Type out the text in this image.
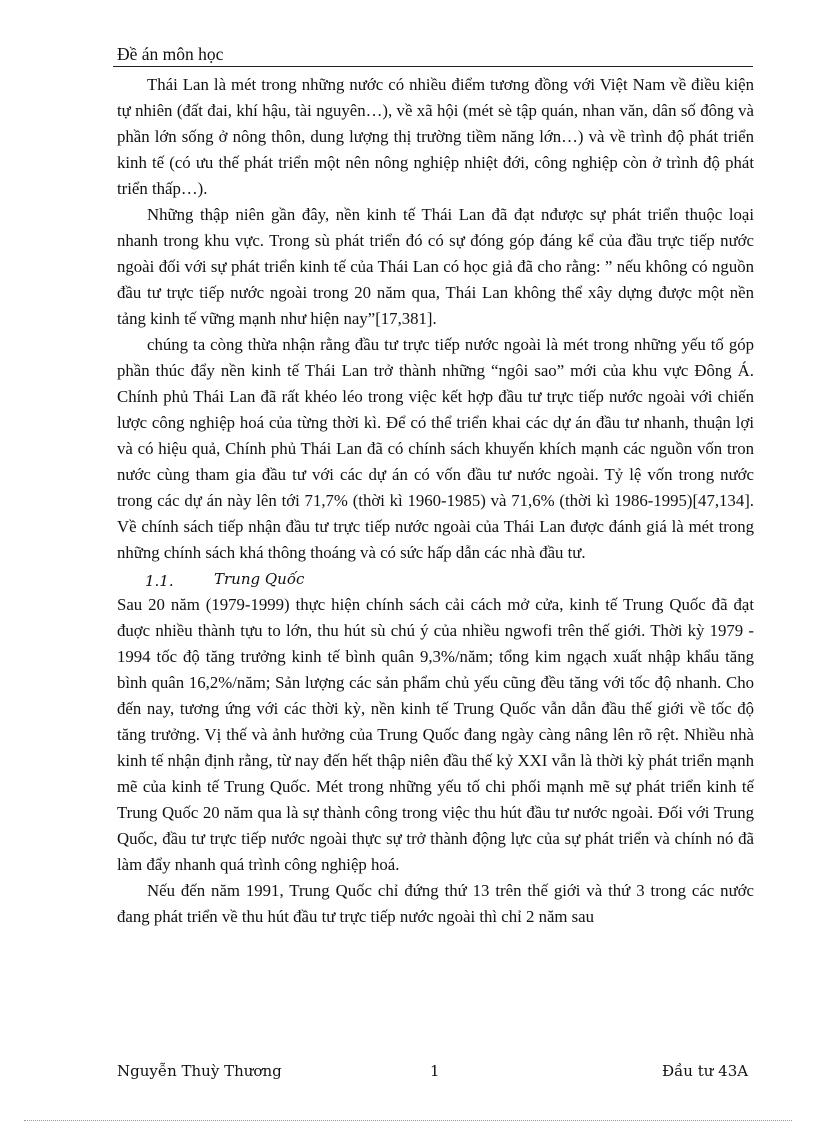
Đề án môn học

Thái Lan là mét trong những nước có nhiều điểm tương đồng với Việt Nam về điều kiện tự nhiên (đất đai, khí hậu, tài nguyên…), về xã hội (mét sè tập quán, nhan văn, dân số đông và phần lớn sống ở nông thôn, dung lượng thị trường tiềm năng lớn…) và về trình độ phát triển kinh tế (có ưu thế phát triển một nên nông nghiệp nhiệt đới, công nghiệp còn ở trình độ phát triển thấp…).

Những thập niên gần đây, nền kinh tế Thái Lan đã đạt nđược sự phát triển thuộc loại nhanh trong khu vực. Trong sù phát triển đó có sự đóng góp đáng kể của đầu trực tiếp nước ngoài đối với sự phát triển kinh tế của Thái Lan có học giả đã cho rằng: ” nếu không có nguồn đầu tư trực tiếp nước ngoài trong 20 năm qua, Thái Lan không thể xây dựng được một nền tảng kinh tế vững mạnh như hiện nay”[17,381].

chúng ta còng thừa nhận rằng đầu tư trực tiếp nước ngoài là mét trong những yếu tố góp phần thúc đẩy nền kinh tế Thái Lan trở thành những “ngôi sao” mới của khu vực Đông Á. Chính phủ Thái Lan đã rất khéo léo trong việc kết hợp đầu tư trực tiếp nước ngoài với chiến lược công nghiệp hoá của từng thời kì. Để có thể triển khai các dự án đầu tư nhanh, thuận lợi và có hiệu quả, Chính phủ Thái Lan đã có chính sách khuyến khích mạnh các nguồn vốn tron nước cùng tham gia đầu tư với các dự án có vốn đầu tư nước ngoài. Tỷ lệ vốn trong nước trong các dự án này lên tới 71,7% (thời kì 1960-1985) và 71,6% (thời kì 1986-1995)[47,134]. Về chính sách tiếp nhận đầu tư trực tiếp nước ngoài của Thái Lan được đánh giá là mét trong những chính sách khá thông thoáng và có sức hấp dẫn các nhà đầu tư.

1.1.	Trung Quốc

Sau 20 năm (1979-1999) thực hiện chính sách cải cách mở cửa, kinh tế Trung Quốc đã đạt đuợc nhiều thành tựu to lớn, thu hút sù chú ý của nhiều ngwofi trên thế giới. Thời kỳ 1979 - 1994 tốc độ tăng trưởng kinh tế bình quân 9,3%/năm; tổng kim ngạch xuất nhập khẩu tăng bình quân 16,2%/năm; Sản lượng các sản phẩm chủ yếu cũng đều tăng với tốc độ nhanh. Cho đến nay, tương ứng với các thời kỳ, nền kinh tế Trung Quốc vẫn dẫn đầu thế giới về tốc độ tăng trưởng. Vị thế và ảnh hưởng của Trung Quốc đang ngày càng nâng lên rõ rệt. Nhiều nhà kinh tế nhận định rằng, từ nay đến hết thập niên đầu thế kỷ XXI vẫn là thời kỳ phát triển mạnh mẽ của kinh tế Trung Quốc. Mét trong những yếu tố chi phối mạnh mẽ sự phát triển kinh tế Trung Quốc 20 năm qua là sự thành công trong việc thu hút đầu tư nước ngoài. Đối với Trung Quốc, đầu tư trực tiếp nước ngoài thực sự trở thành động lực của sự phát triển và chính nó đã làm đẩy nhanh quá trình công nghiệp hoá.

Nếu đến năm 1991, Trung Quốc chỉ đứng thứ 13 trên thế giới và thứ 3 trong các nước đang phát triển về thu hút đầu tư trực tiếp nước ngoài thì chỉ 2 năm sau

Nguyễn Thuỳ Thương	1	Đầu tư 43A
